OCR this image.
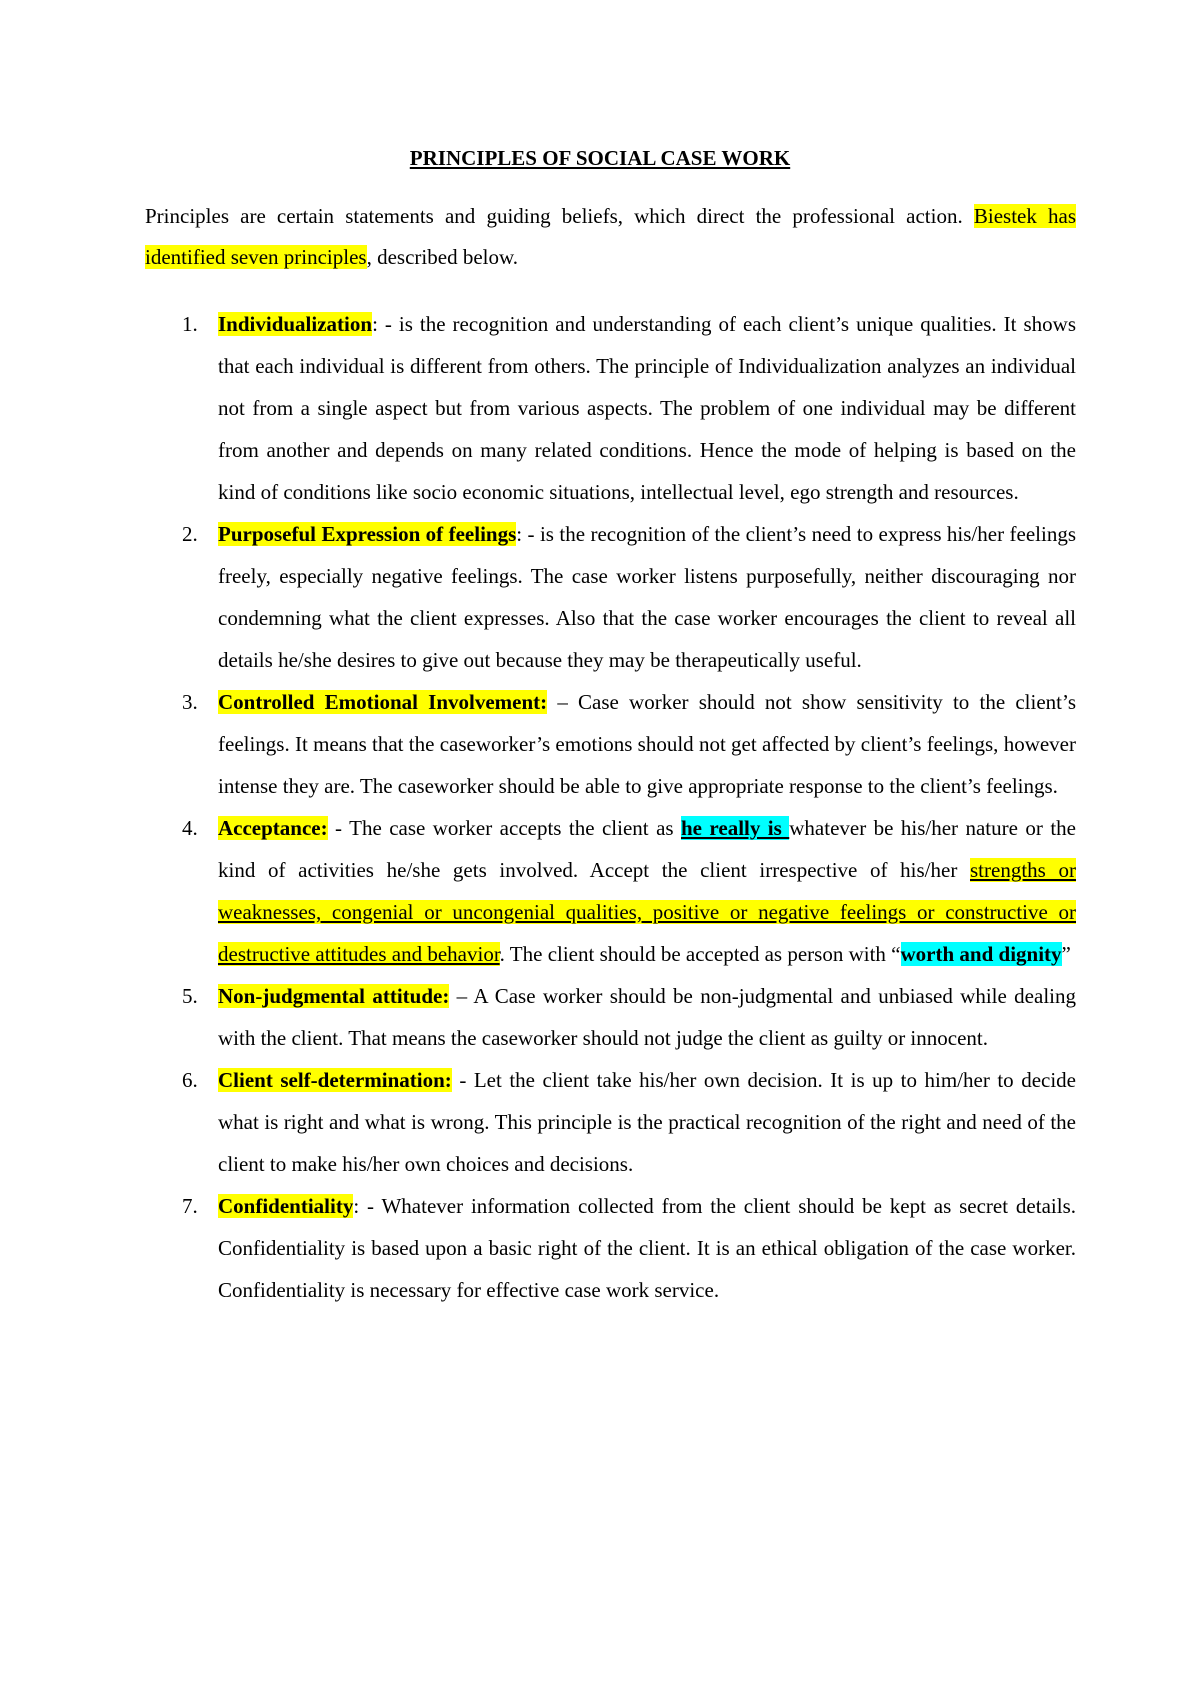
PRINCIPLES OF SOCIAL CASE WORK

Principles are certain statements and guiding beliefs, which direct the professional action. Biestek has identified seven principles, described below.

1. Individualization: - is the recognition and understanding of each client’s unique qualities. It shows that each individual is different from others. The principle of Individualization analyzes an individual not from a single aspect but from various aspects. The problem of one individual may be different from another and depends on many related conditions. Hence the mode of helping is based on the kind of conditions like socio economic situations, intellectual level, ego strength and resources.
2. Purposeful Expression of feelings: - is the recognition of the client’s need to express his/her feelings freely, especially negative feelings. The case worker listens purposefully, neither discouraging nor condemning what the client expresses. Also that the case worker encourages the client to reveal all details he/she desires to give out because they may be therapeutically useful.
3. Controlled Emotional Involvement: – Case worker should not show sensitivity to the client’s feelings. It means that the caseworker’s emotions should not get affected by client’s feelings, however intense they are. The caseworker should be able to give appropriate response to the client’s feelings.
4. Acceptance: - The case worker accepts the client as he really is whatever be his/her nature or the kind of activities he/she gets involved. Accept the client irrespective of his/her strengths or weaknesses, congenial or uncongenial qualities, positive or negative feelings or constructive or destructive attitudes and behavior. The client should be accepted as person with “worth and dignity”
5. Non-judgmental attitude: – A Case worker should be non-judgmental and unbiased while dealing with the client. That means the caseworker should not judge the client as guilty or innocent.
6. Client self-determination: - Let the client take his/her own decision. It is up to him/her to decide what is right and what is wrong. This principle is the practical recognition of the right and need of the client to make his/her own choices and decisions.
7. Confidentiality: - Whatever information collected from the client should be kept as secret details. Confidentiality is based upon a basic right of the client. It is an ethical obligation of the case worker. Confidentiality is necessary for effective case work service.
